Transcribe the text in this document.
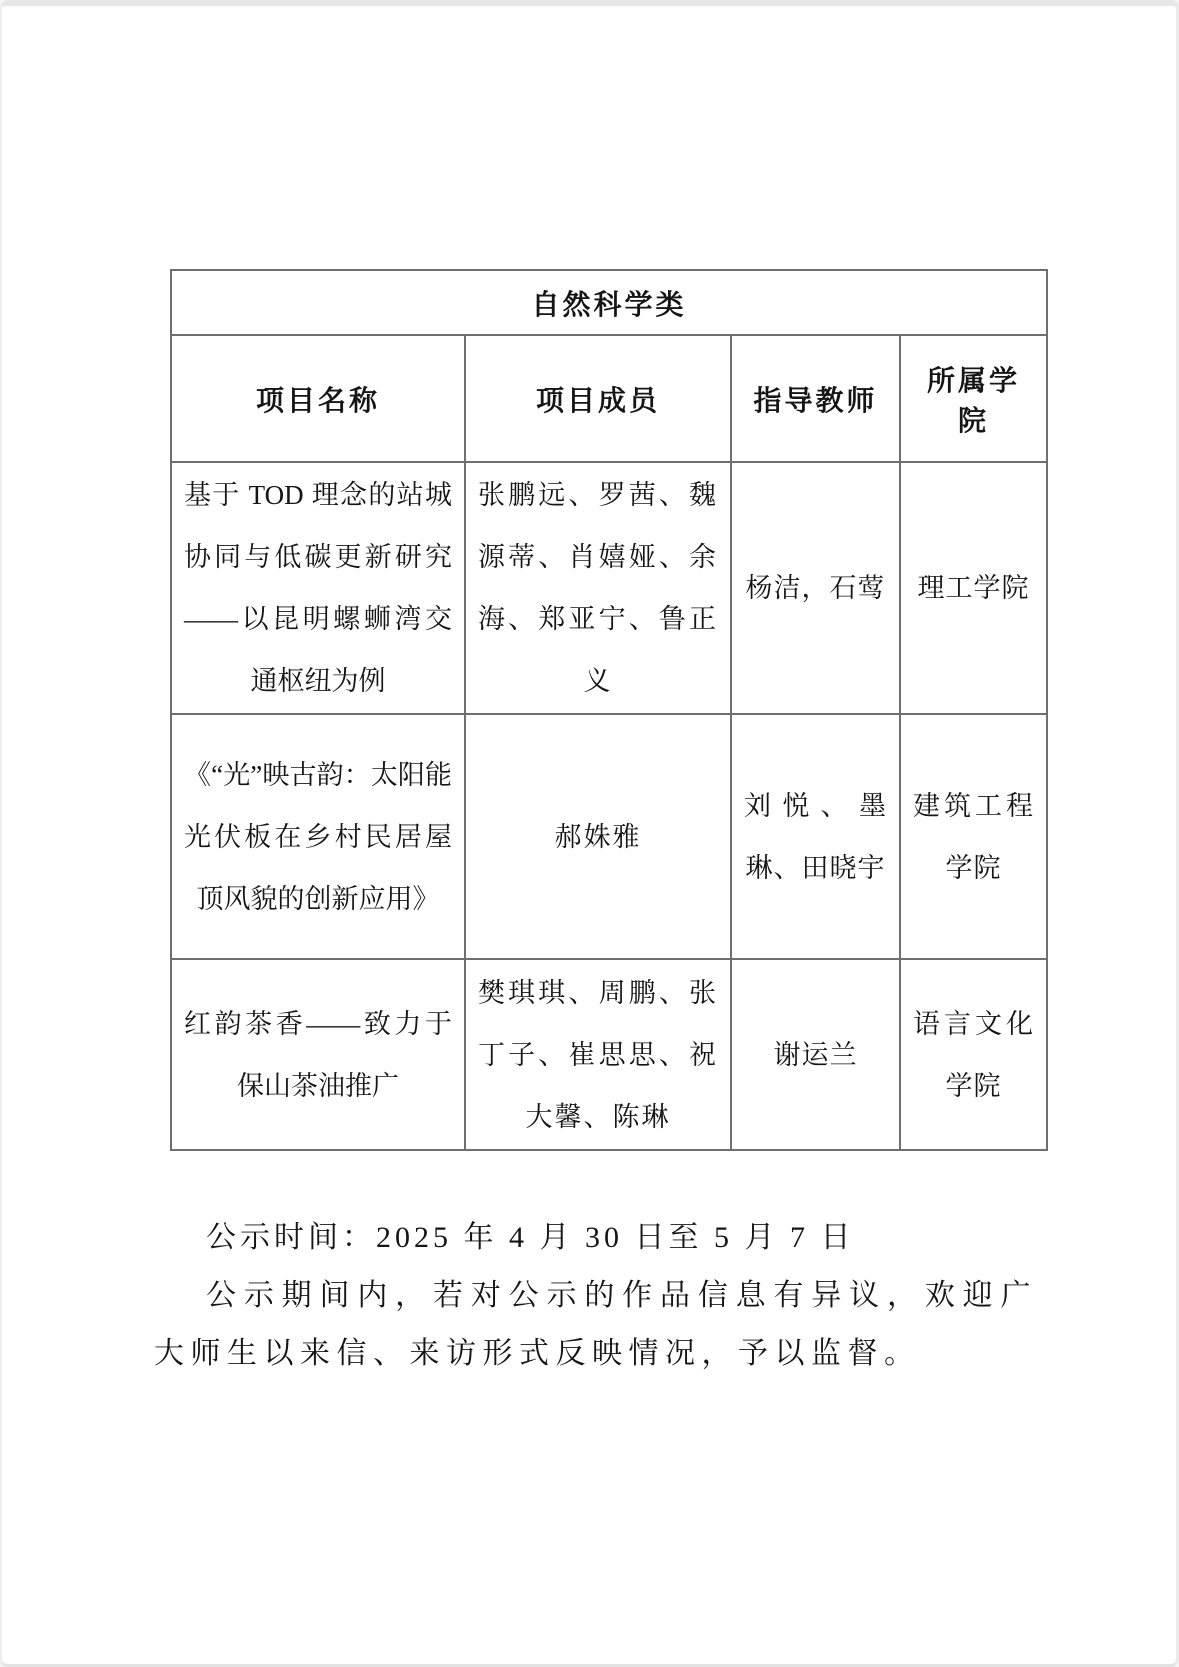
自然科学类			
项目名称	项目成员	指导教师	所属学院
基于 TOD 理念的站城协同与低碳更新研究——以昆明螺蛳湾交通枢纽为例	张鹏远、罗茜、魏源蒂、肖嬉娅、余海、郑亚宁、鲁正义	杨洁，石莺	理工学院
《“光”映古韵：太阳能光伏板在乡村民居屋顶风貌的创新应用》	郝姝雅	刘悦、墨琳、田晓宇	建筑工程学院
红韵茶香——致力于保山茶油推广	樊琪琪、周鹏、张丁子、崔思思、祝大馨、陈琳	谢运兰	语言文化学院

公示时间：2025 年 4 月 30 日至 5 月 7 日

公示期间内，若对公示的作品信息有异议，欢迎广大师生以来信、来访形式反映情况，予以监督。
